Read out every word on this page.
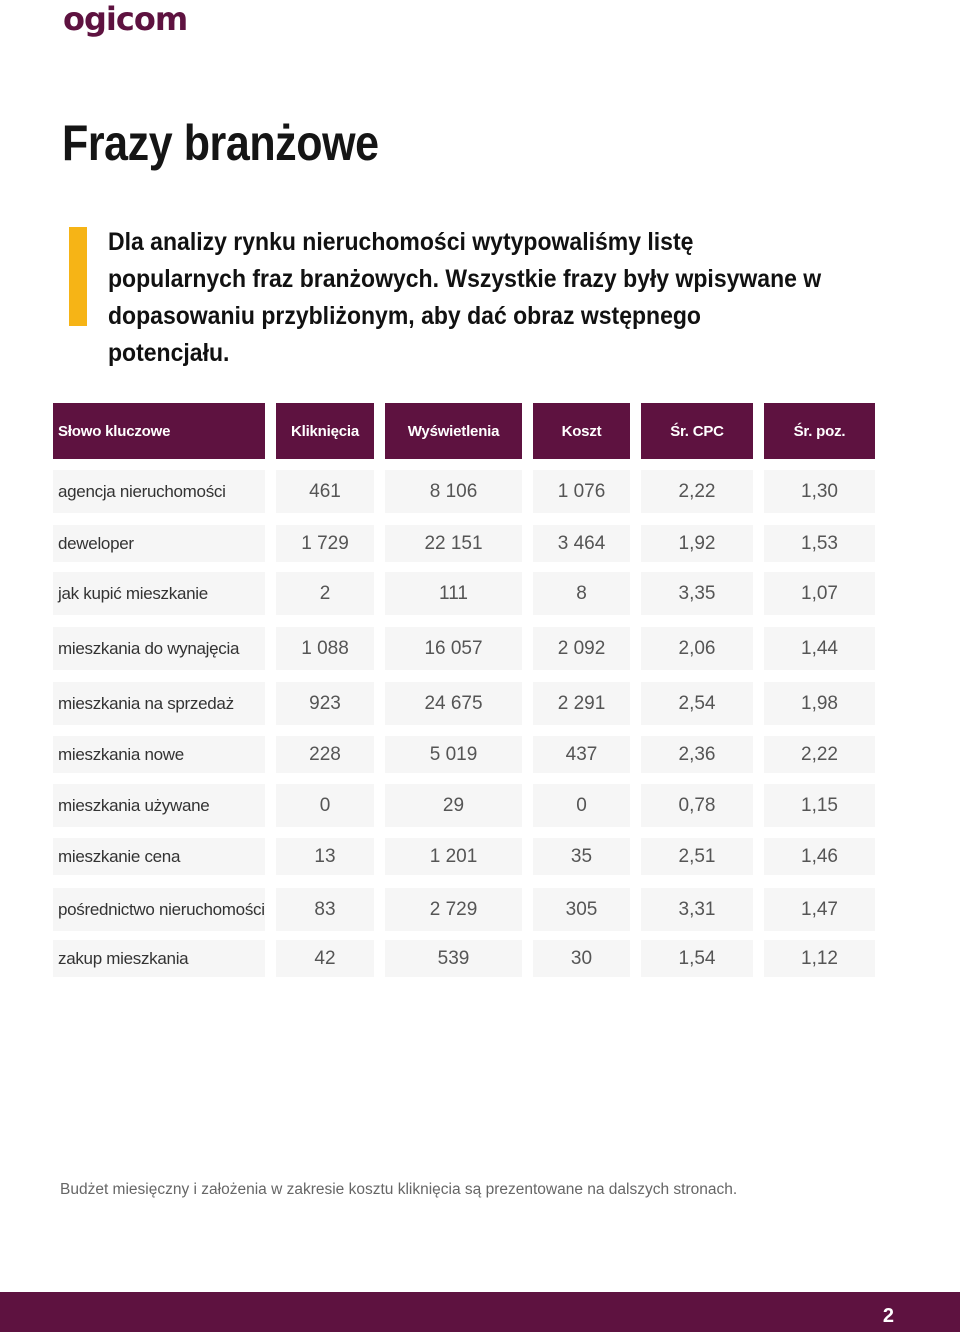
ogicom
Frazy branżowe
Dla analizy rynku nieruchomości wytypowaliśmy listę popularnych fraz branżowych. Wszystkie frazy były wpisywane w dopasowaniu przybliżonym, aby dać obraz wstępnego potencjału.
Słowo kluczowe	Kliknięcia	Wyświetlenia	Koszt	Śr. CPC	Śr. poz.
agencja nieruchomości	461	8 106	1 076	2,22	1,30
deweloper	1 729	22 151	3 464	1,92	1,53
jak kupić mieszkanie	2	111	8	3,35	1,07
mieszkania do wynajęcia	1 088	16 057	2 092	2,06	1,44
mieszkania na sprzedaż	923	24 675	2 291	2,54	1,98
mieszkania nowe	228	5 019	437	2,36	2,22
mieszkania używane	0	29	0	0,78	1,15
mieszkanie cena	13	1 201	35	2,51	1,46
pośrednictwo nieruchomości	83	2 729	305	3,31	1,47
zakup mieszkania	42	539	30	1,54	1,12
Budżet miesięczny i założenia w zakresie kosztu kliknięcia są prezentowane na dalszych stronach.
2
